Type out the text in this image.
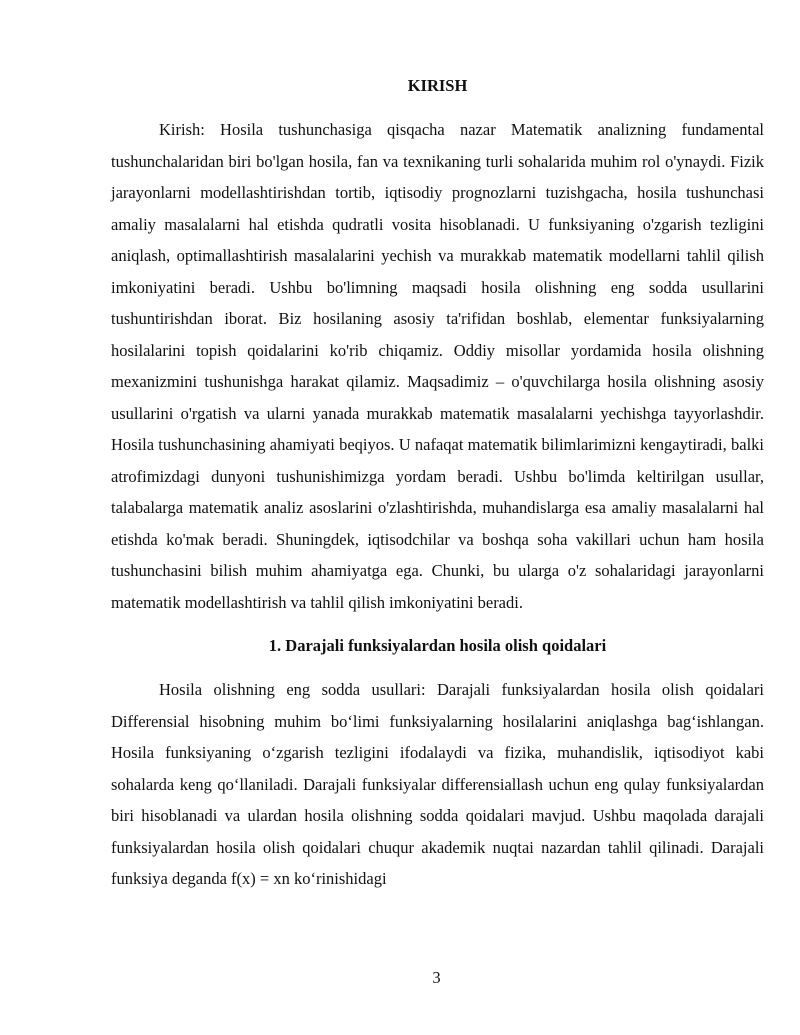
KIRISH

Kirish: Hosila tushunchasiga qisqacha nazar Matematik analizning fundamental tushunchalaridan biri bo'lgan hosila, fan va texnikaning turli sohalarida muhim rol o'ynaydi. Fizik jarayonlarni modellashtirishdan tortib, iqtisodiy prognozlarni tuzishgacha, hosila tushunchasi amaliy masalalarni hal etishda qudratli vosita hisoblanadi. U funksiyaning o'zgarish tezligini aniqlash, optimallashtirish masalalarini yechish va murakkab matematik modellarni tahlil qilish imkoniyatini beradi. Ushbu bo'limning maqsadi hosila olishning eng sodda usullarini tushuntirishdan iborat. Biz hosilaning asosiy ta'rifidan boshlab, elementar funksiyalarning hosilalarini topish qoidalarini ko'rib chiqamiz. Oddiy misollar yordamida hosila olishning mexanizmini tushunishga harakat qilamiz. Maqsadimiz – o'quvchilarga hosila olishning asosiy usullarini o'rgatish va ularni yanada murakkab matematik masalalarni yechishga tayyorlashdir. Hosila tushunchasining ahamiyati beqiyos. U nafaqat matematik bilimlarimizni kengaytiradi, balki atrofimizdagi dunyoni tushunishimizga yordam beradi. Ushbu bo'limda keltirilgan usullar, talabalarga matematik analiz asoslarini o'zlashtirishda, muhandislarga esa amaliy masalalarni hal etishda ko'mak beradi. Shuningdek, iqtisodchilar va boshqa soha vakillari uchun ham hosila tushunchasini bilish muhim ahamiyatga ega. Chunki, bu ularga o'z sohalaridagi jarayonlarni matematik modellashtirish va tahlil qilish imkoniyatini beradi.

1. Darajali funksiyalardan hosila olish qoidalari

Hosila olishning eng sodda usullari: Darajali funksiyalardan hosila olish qoidalari Differensial hisobning muhim bo‘limi funksiyalarning hosilalarini aniqlashga bag‘ishlangan. Hosila funksiyaning o‘zgarish tezligini ifodalaydi va fizika, muhandislik, iqtisodiyot kabi sohalarda keng qo‘llaniladi. Darajali funksiyalar differensiallash uchun eng qulay funksiyalardan biri hisoblanadi va ulardan hosila olishning sodda qoidalari mavjud. Ushbu maqolada darajali funksiyalardan hosila olish qoidalari chuqur akademik nuqtai nazardan tahlil qilinadi. Darajali funksiya deganda f(x) = xn ko‘rinishidagi

3
